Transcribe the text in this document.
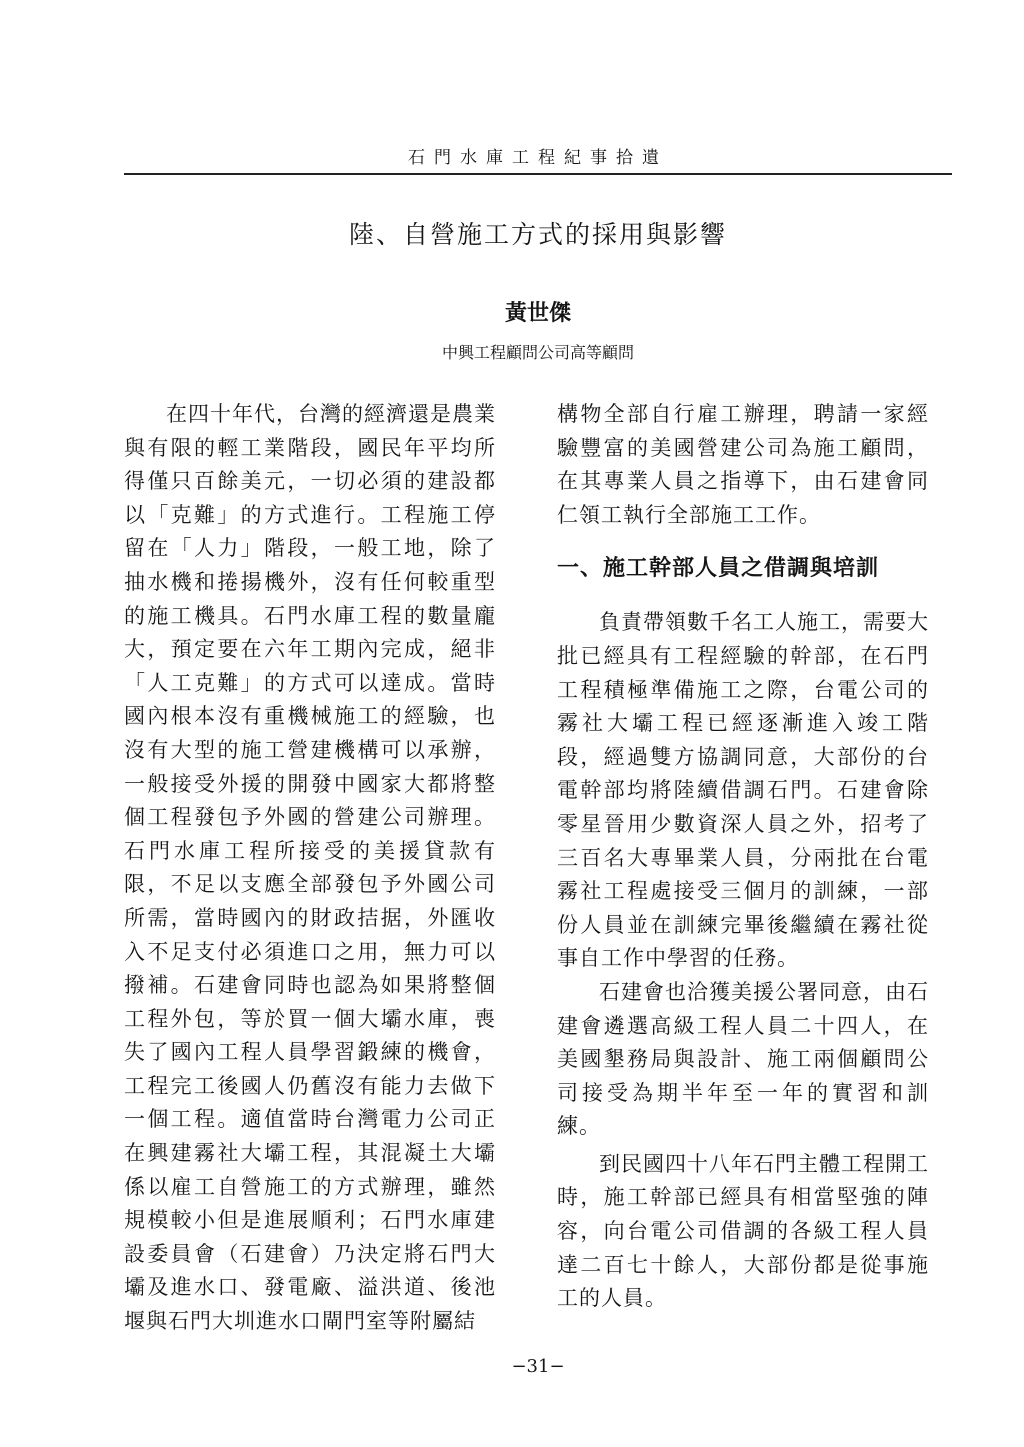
石門水庫工程紀事拾遺
陸、自營施工方式的採用與影響
黃世傑
中興工程顧問公司高等顧問

在四十年代，台灣的經濟還是農業與有限的輕工業階段，國民年平均所得僅只百餘美元，一切必須的建設都以「克難」的方式進行。工程施工停留在「人力」階段，一般工地，除了抽水機和捲揚機外，沒有任何較重型的施工機具。石門水庫工程的數量龐大，預定要在六年工期內完成，絕非「人工克難」的方式可以達成。當時國內根本沒有重機械施工的經驗，也沒有大型的施工營建機構可以承辦，一般接受外援的開發中國家大都將整個工程發包予外國的營建公司辦理。石門水庫工程所接受的美援貸款有限，不足以支應全部發包予外國公司所需，當時國內的財政拮据，外匯收入不足支付必須進口之用，無力可以撥補。石建會同時也認為如果將整個工程外包，等於買一個大壩水庫，喪失了國內工程人員學習鍛練的機會，工程完工後國人仍舊沒有能力去做下一個工程。適值當時台灣電力公司正在興建霧社大壩工程，其混凝土大壩係以雇工自營施工的方式辦理，雖然規模較小但是進展順利；石門水庫建設委員會（石建會）乃決定將石門大壩及進水口、發電廠、溢洪道、後池堰與石門大圳進水口閘門室等附屬結

構物全部自行雇工辦理，聘請一家經驗豐富的美國營建公司為施工顧問，在其專業人員之指導下，由石建會同仁領工執行全部施工工作。

一、施工幹部人員之借調與培訓

負責帶領數千名工人施工，需要大批已經具有工程經驗的幹部，在石門工程積極準備施工之際，台電公司的霧社大壩工程已經逐漸進入竣工階段，經過雙方協調同意，大部份的台電幹部均將陸續借調石門。石建會除零星晉用少數資深人員之外，招考了三百名大專畢業人員，分兩批在台電霧社工程處接受三個月的訓練，一部份人員並在訓練完畢後繼續在霧社從事自工作中學習的任務。

石建會也洽獲美援公署同意，由石建會遴選高級工程人員二十四人，在美國墾務局與設計、施工兩個顧問公司接受為期半年至一年的實習和訓練。

到民國四十八年石門主體工程開工時，施工幹部已經具有相當堅強的陣容，向台電公司借調的各級工程人員達二百七十餘人，大部份都是從事施工的人員。

−31−
